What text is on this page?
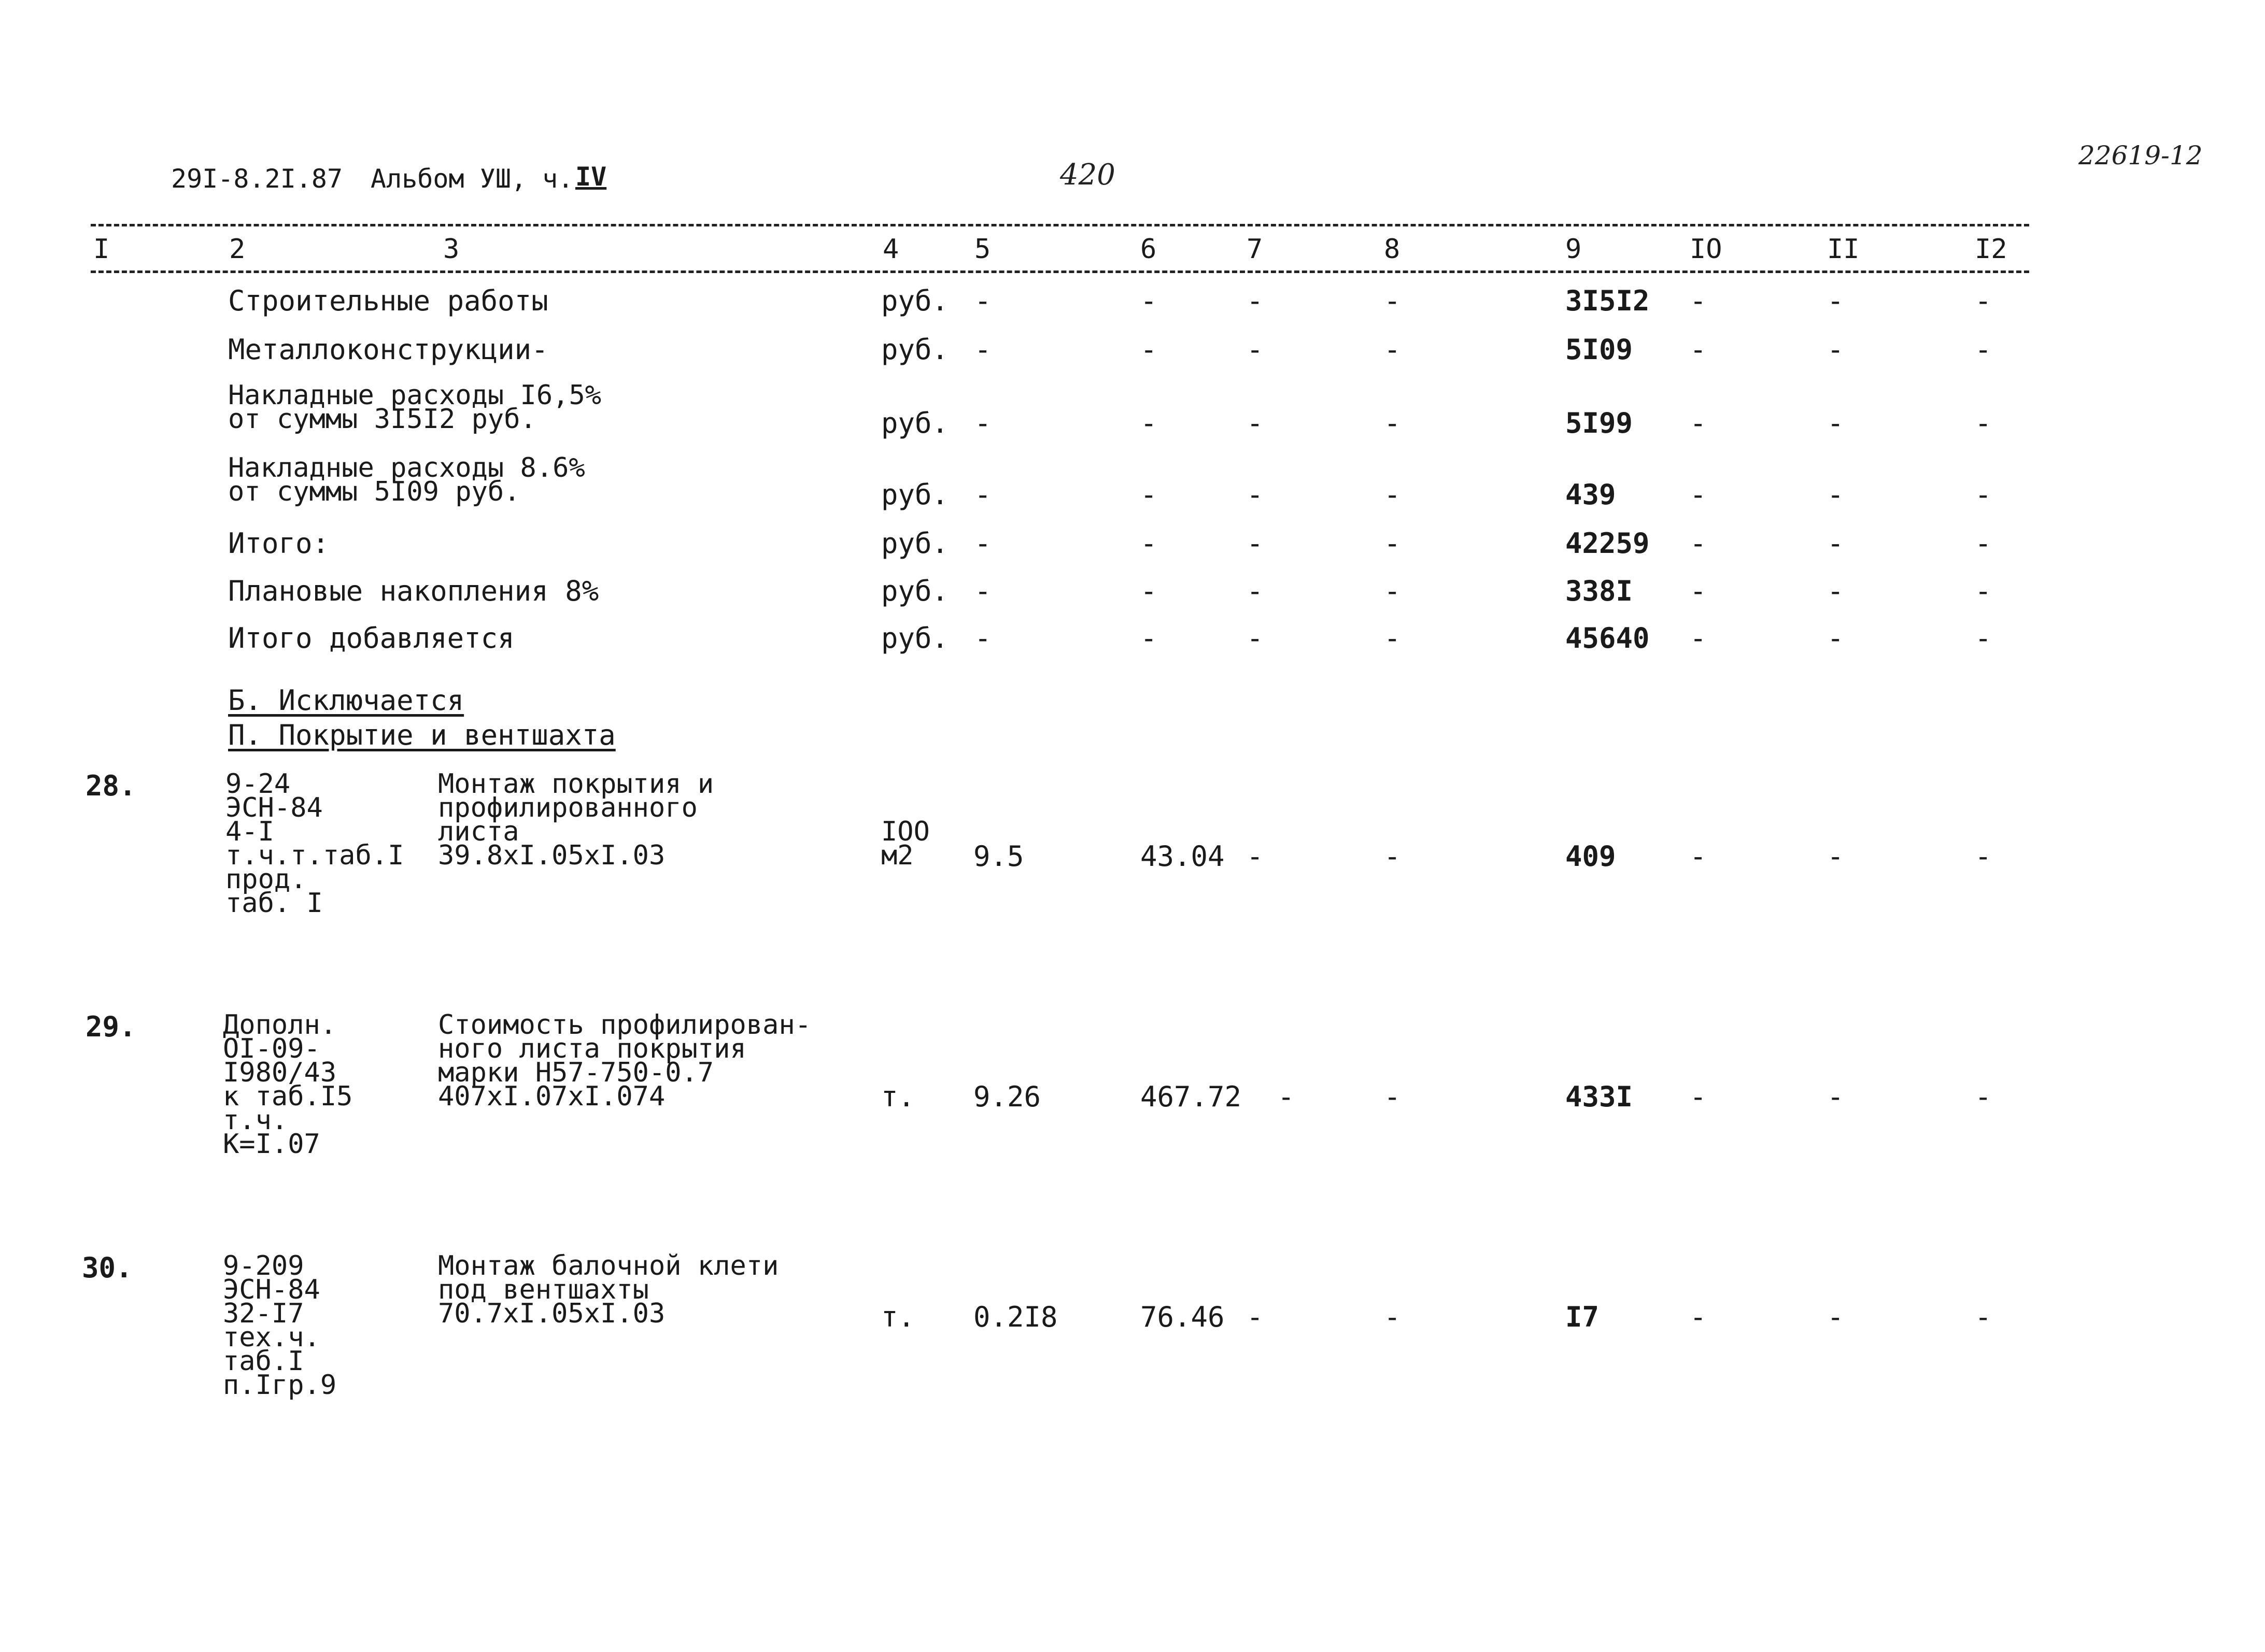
29I-8.2I.87 Альбом УШ, ч. IV	420
22619-12
I	2	3	4	5	6	7	8	9	IO	II	I2
Строительные работы	руб. -	-	-	-	3I5I2 -	-	-
Металлоконструкции-	руб. -	-	-	-	5I09 -	-	-
Накладные расходы I6,5%
от суммы 3I5I2 руб.	руб. -	-	-	-	5I99 -	-	-
Накладные расходы 8.6%
от суммы 5I09 руб.	руб. -	-	-	-	439	-	-	-
Итого:	руб. -	-	-	-	42259 -	-	-
Плановые накопления 8%	руб. -	-	-	-	338I -	-	-
Итого добавляется	руб. -	-	-	-	45640 -	-	-
Б. Исключается
П. Покрытие и вентшахта
28.	9-24
ЭСН-84
4-I
т.ч.т.таб.I
прод.
таб. I
Монтаж покрытия и
профилированного
листа
39.8xI.05xI.03
IOO
м2	9.5	43.04 -	-	409	-	-	-
29.	Дополн.
OI-09-
I980/43
к таб.I5
т.ч.
K=I.07
Стоимость профилирован-
ного листа покрытия
марки Н57-750-0.7
407xI.07xI.074	т. 9.26	467.72 -	-	433I -	-	-
30.	9-209
ЭСН-84
32-I7
тех.ч.
таб.I
п.Iгр.9
Монтаж балочной клети
под вентшахты
70.7xI.05xI.03	т. 0.2I8	76.46 -	-	I7	-	-	-
